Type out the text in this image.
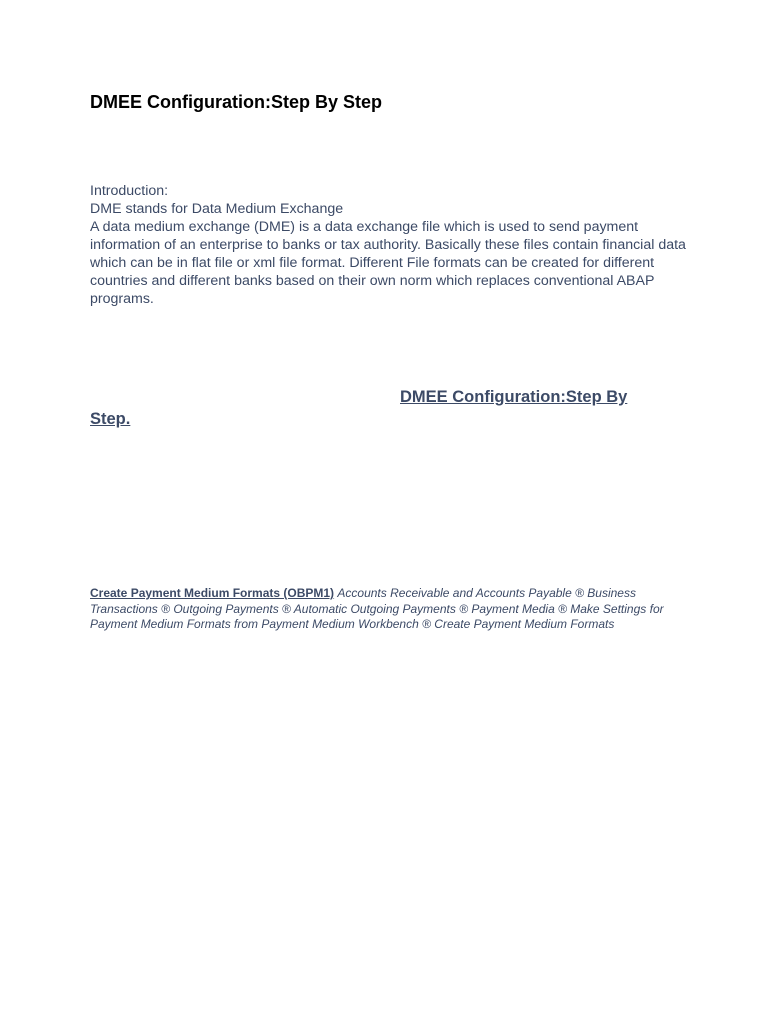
DMEE Configuration:Step By Step

Introduction:

DME stands for Data Medium Exchange

A data medium exchange (DME) is a data exchange file which is used to send payment information of an enterprise to banks or tax authority. Basically these files contain financial data which can be in flat file or xml file format. Different File formats can be created for different countries and different banks based on their own norm which replaces conventional ABAP programs.

DMEE Configuration:Step By Step.
Create Payment Medium Formats (OBPM1) Accounts Receivable and Accounts Payable ® Business Transactions ® Outgoing Payments ® Automatic Outgoing Payments ® Payment Media ® Make Settings for Payment Medium Formats from Payment Medium Workbench ® Create Payment Medium Formats
